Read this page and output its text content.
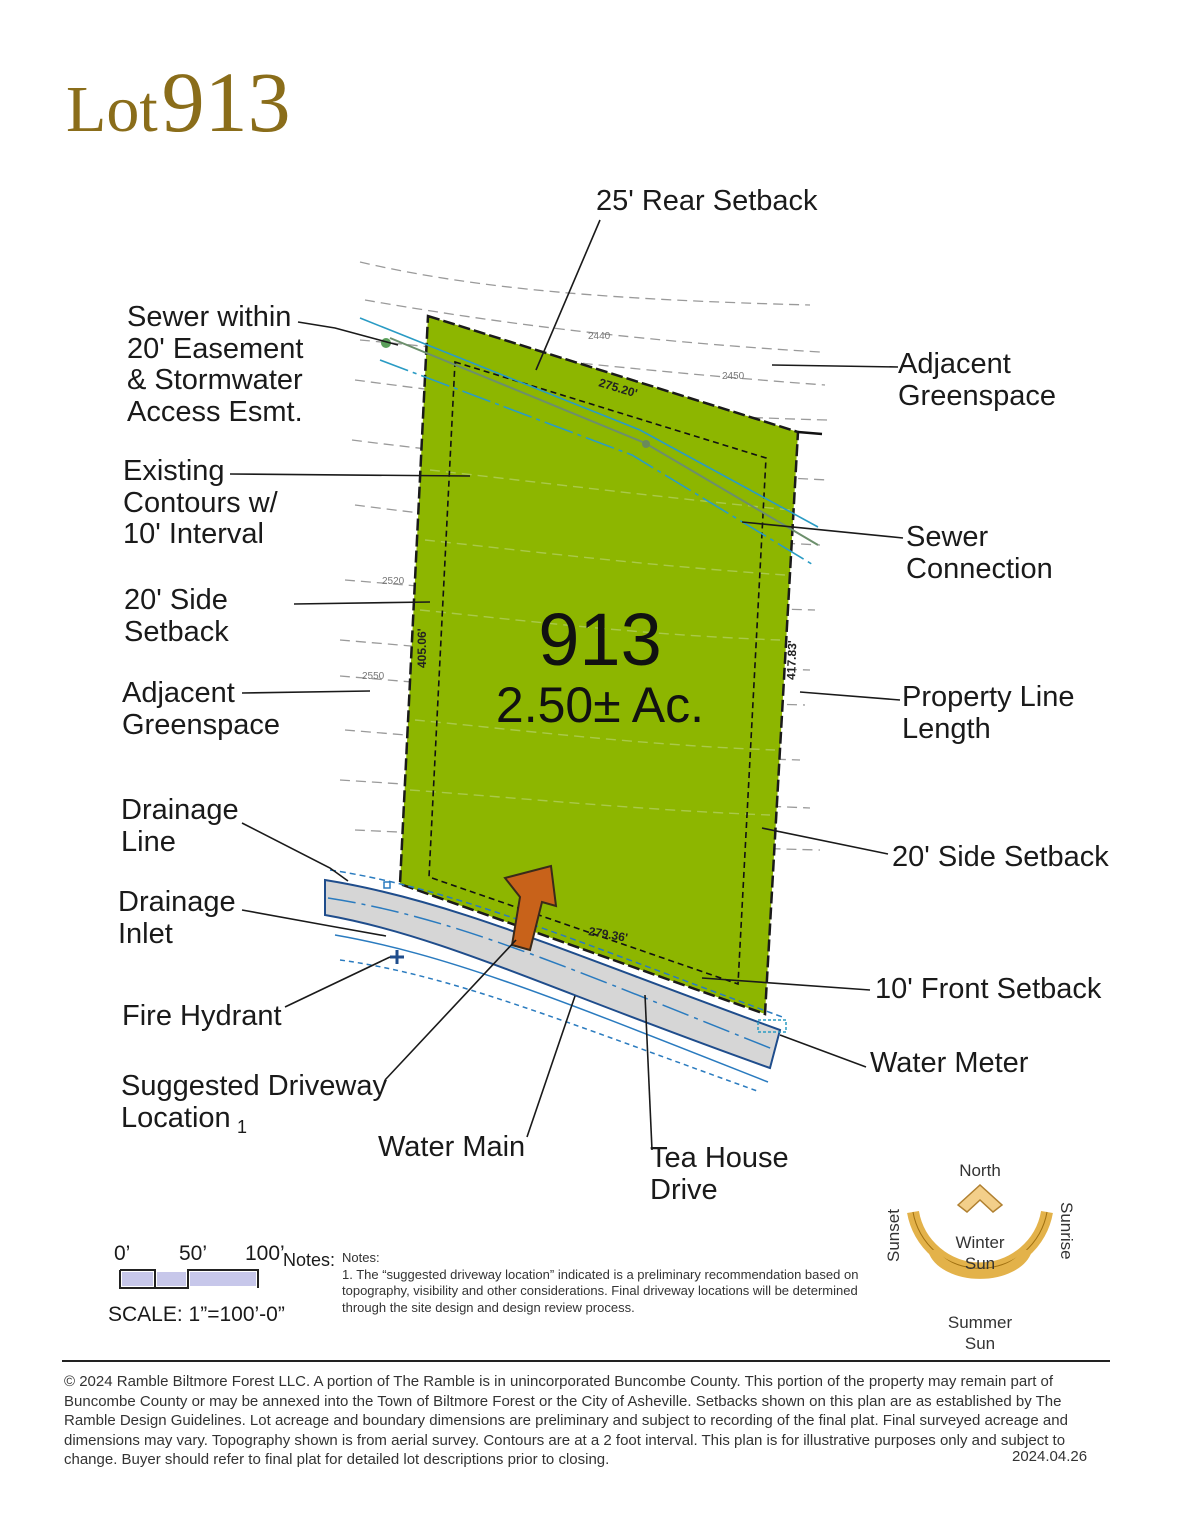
Lot 913
275.20'
405.06'	417.83'
279.36'
2440
2450
2520
2550
25' Rear Setback
Sewer within
20' Easement
& Stormwater
Access Esmt.
Adjacent
Greenspace
Existing
Contours w/
10' Interval	Sewer
Connection
20' Side
Setback
Adjacent
Greenspace
Property Line
Length
Drainage
Line	20' Side Setback
Drainage
Inlet
10' Front Setback
Fire Hydrant
Water Meter
Suggested Driveway
Location 1
Water Main	Tea House
Drive
913
2.50± Ac.
0’ 50’ 100’
SCALE: 1”=100’-0”
Notes: Notes:
1. The “suggested driveway location” indicated is a preliminary recommendation based on topography, visibility and other considerations. Final driveway locations will be determined through the site design and design review process.
North
Sunset	Sunrise
Winter
Sun
Summer
Sun
© 2024 Ramble Biltmore Forest LLC. A portion of The Ramble is in unincorporated Buncombe County. This portion of the property may remain part of Buncombe County or may be annexed into the Town of Biltmore Forest or the City of Asheville. Setbacks shown on this plan are as established by The Ramble Design Guidelines. Lot acreage and boundary dimensions are preliminary and subject to recording of the final plat. Final surveyed acreage and dimensions may vary. Topography shown is from aerial survey. Contours are at a 2 foot interval. This plan is for illustrative purposes only and subject to change. Buyer should refer to final plat for detailed lot descriptions prior to closing.	2024.04.26
